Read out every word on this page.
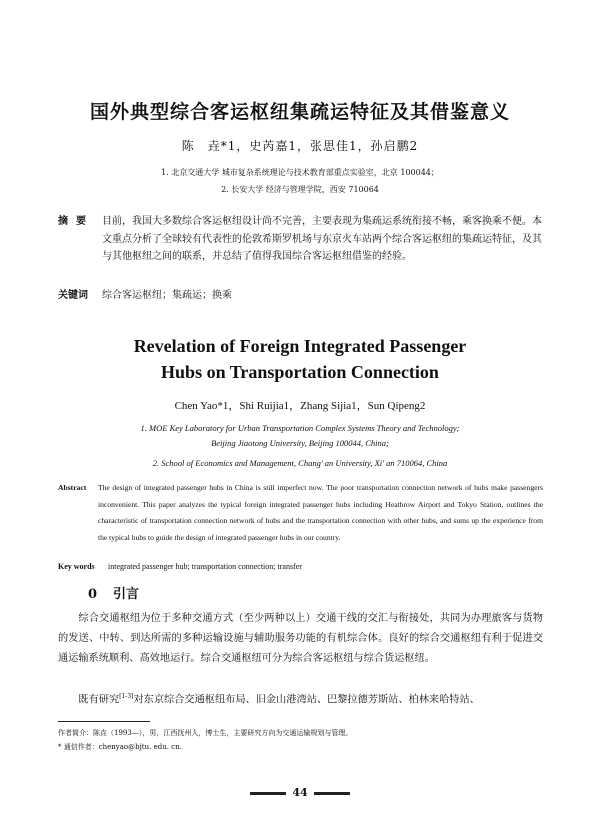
国外典型综合客运枢纽集疏运特征及其借鉴意义
陈　垚*1，史芮嘉1，张思佳1，孙启鹏2
1. 北京交通大学 城市复杂系统理论与技术教育部重点实验室，北京 100044；
2. 长安大学 经济与管理学院，西安 710064
摘要 目前，我国大多数综合客运枢纽设计尚不完善，主要表现为集疏运系统衔接不畅，乘客换乘不便。本文重点分析了全球较有代表性的伦敦希斯罗机场与东京火车站两个综合客运枢纽的集疏运特征，及其与其他枢纽之间的联系，并总结了值得我国综合客运枢纽借鉴的经验。
关键词 综合客运枢纽；集疏运；换乘
Revelation of Foreign Integrated Passenger
Hubs on Transportation Connection
Chen Yao*1，Shi Ruijia1，Zhang Sijia1，Sun Qipeng2
1. MOE Key Laboratory for Urban Transportation Complex Systems Theory and Technology;
Beijing Jiaotong University, Beijing 100044, China;
2. School of Economics and Management, Chang' an University, Xi' an 710064, China
Abstract The design of integrated passenger hubs in China is still imperfect now. The poor transportation connection network of hubs make passengers inconvenient. This paper analyzes the typical foreign integrated passenger hubs including Heathrow Airport and Tokyo Station, outlines the characteristic of transportation connection network of hubs and the transportation connection with other hubs, and sums up the experience from the typical hubs to guide the design of integrated passenger hubs in our country.
Key words integrated passenger hub; transportation connection; transfer
0 引言
综合交通枢纽为位于多种交通方式（至少两种以上）交通干线的交汇与衔接处，共同为办理旅客与货物的发送、中转、到达所需的多种运输设施与辅助服务功能的有机综合体。良好的综合交通枢纽有利于促进交通运输系统顺利、高效地运行。综合交通枢纽可分为综合客运枢纽与综合货运枢纽。
既有研究[1-3]对东京综合交通枢纽布局、旧金山港湾站、巴黎拉德芳斯站、柏林来哈特站、
作者简介：陈垚（1993—），男，江西抚州人，博士生，主要研究方向为交通运输规划与管理。
* 通信作者：chenyao@bjtu. edu. cn.
44
